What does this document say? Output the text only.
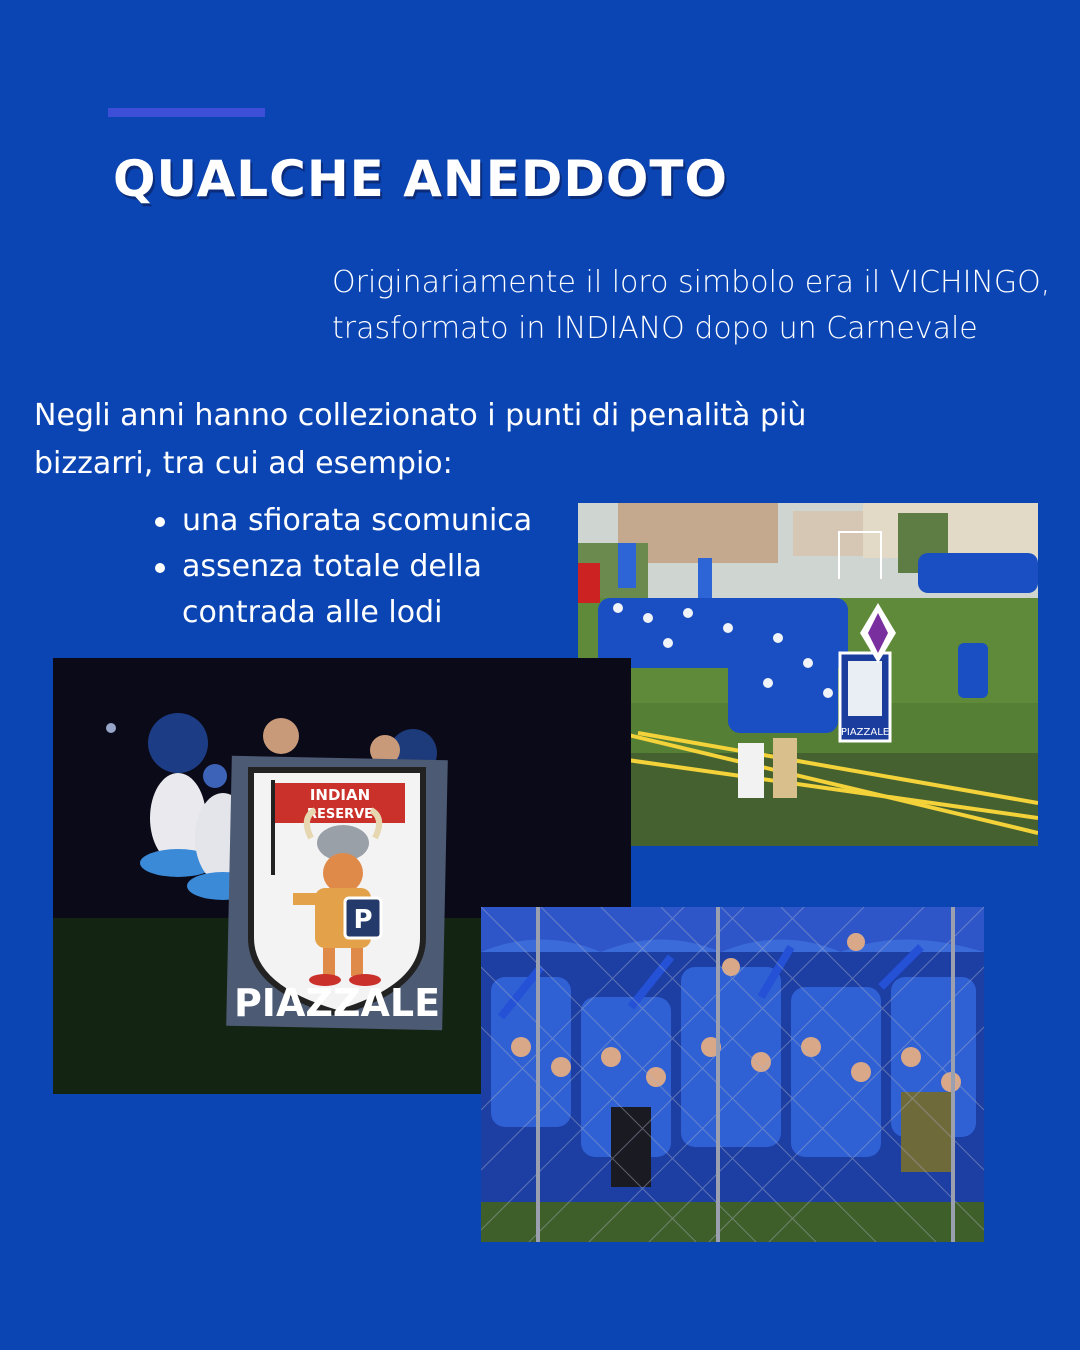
QUALCHE ANEDDOTO
Originariamente il loro simbolo era il VICHINGO,
trasformato in INDIANO dopo un Carnevale
Negli anni hanno collezionato i punti di penalità più
bizzarri, tra cui ad esempio:
una sfiorata scomunica
assenza totale della
contrada alle lodi
PIAZZALE
INDIAN
RESERVE
P
PIAZZALE
